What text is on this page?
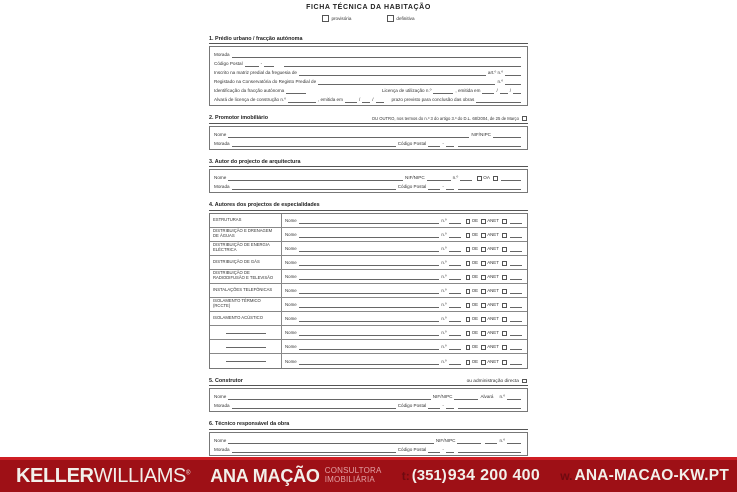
FICHA TÉCNICA DA HABITAÇÃO
provisória	definitiva
1. Prédio urbano / fracção autónoma
Morada
Código Postal	-
Inscrito na matriz predial da freguesia de	art.º n.º
Registado na Conservatória do Registo Predial de	n.º
Identificação da fracção autónoma	Licença de utilização n.º	, emitida em	/	/
Alvará de licença de construção n.º	, emitida em	/	/	prazo previsto para conclusão das obras
2. Promotor imobiliário	OU OUTRO, nos termos do n.º 3 do artigo 3.º do D.L. 68/2004, de 25 de Março
Nome	NIF/NIPC
Morada	Código Postal	-
3. Autor do projecto de arquitectura
Nome	NIF/NIPC	n.º	OA
Morada	Código Postal	-
4. Autores dos projectos de especialidades
ESTRUTURAS	Nome	n.º	OE ANET
DISTRIBUIÇÃO E DRENAGEM DE ÁGUAS	Nome	n.º	OE ANET
DISTRIBUIÇÃO DE ENERGIA ELÉCTRICA	Nome	n.º	OE ANET
DISTRIBUIÇÃO DE GÁS	Nome	n.º	OE ANET
DISTRIBUIÇÃO DE RADIODIFUSÃO E TELEVISÃO	Nome	n.º	OE ANET
INSTALAÇÕES TELEFÓNICAS	Nome	n.º	OE ANET
ISOLAMENTO TÉRMICO (RCCTE)	Nome	n.º	OE ANET
ISOLAMENTO ACÚSTICO	Nome	n.º	OE ANET
Nome	n.º	OE ANET
Nome	n.º	OE ANET
Nome	n.º	OE ANET
5. Construtor	ou administração directa
Nome	NIF/NIPC	Alvará n.º
Morada	Código Postal	-
6. Técnico responsável da obra
Nome	NIF/NIPC	n.º
Morada	Código Postal	-
KELLERWILLIAMS® ANA MAÇÃO CONSULTORA
IMOBILIÁRIA	t: (351) 934 200 400 w. ANA-MACAO-KW.PT
